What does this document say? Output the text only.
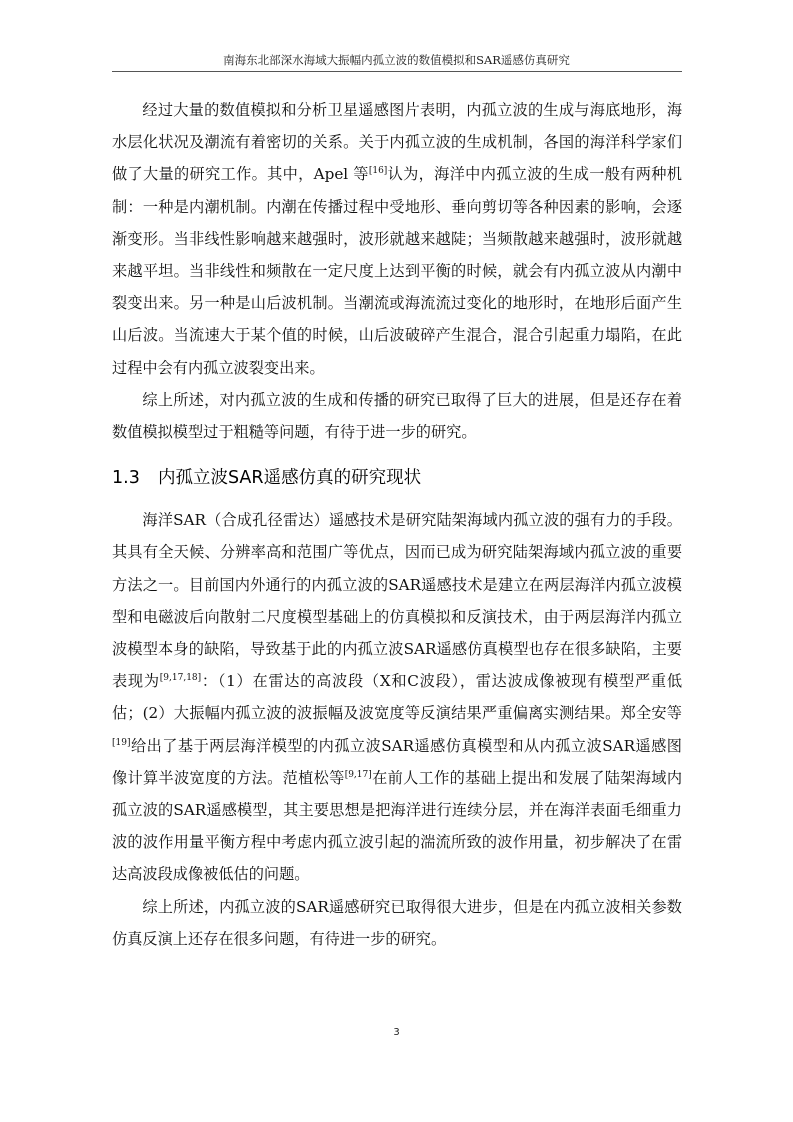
南海东北部深水海域大振幅内孤立波的数值模拟和SAR遥感仿真研究

经过大量的数值模拟和分析卫星遥感图片表明，内孤立波的生成与海底地形，海水层化状况及潮流有着密切的关系。关于内孤立波的生成机制，各国的海洋科学家们做了大量的研究工作。其中，Apel 等[16]认为，海洋中内孤立波的生成一般有两种机制：一种是内潮机制。内潮在传播过程中受地形、垂向剪切等各种因素的影响，会逐渐变形。当非线性影响越来越强时，波形就越来越陡；当频散越来越强时，波形就越来越平坦。当非线性和频散在一定尺度上达到平衡的时候，就会有内孤立波从内潮中裂变出来。另一种是山后波机制。当潮流或海流流过变化的地形时，在地形后面产生山后波。当流速大于某个值的时候，山后波破碎产生混合，混合引起重力塌陷，在此过程中会有内孤立波裂变出来。

综上所述，对内孤立波的生成和传播的研究已取得了巨大的进展，但是还存在着数值模拟模型过于粗糙等问题，有待于进一步的研究。

1.3 内孤立波SAR遥感仿真的研究现状

海洋SAR（合成孔径雷达）遥感技术是研究陆架海域内孤立波的强有力的手段。其具有全天候、分辨率高和范围广等优点，因而已成为研究陆架海域内孤立波的重要方法之一。目前国内外通行的内孤立波的SAR遥感技术是建立在两层海洋内孤立波模型和电磁波后向散射二尺度模型基础上的仿真模拟和反演技术，由于两层海洋内孤立波模型本身的缺陷，导致基于此的内孤立波SAR遥感仿真模型也存在很多缺陷，主要表现为[9,17,18]：（1）在雷达的高波段（X和C波段），雷达波成像被现有模型严重低估；(2）大振幅内孤立波的波振幅及波宽度等反演结果严重偏离实测结果。郑全安等[19]给出了基于两层海洋模型的内孤立波SAR遥感仿真模型和从内孤立波SAR遥感图像计算半波宽度的方法。范植松等[9,17]在前人工作的基础上提出和发展了陆架海域内孤立波的SAR遥感模型，其主要思想是把海洋进行连续分层，并在海洋表面毛细重力波的波作用量平衡方程中考虑内孤立波引起的湍流所致的波作用量，初步解决了在雷达高波段成像被低估的问题。

综上所述，内孤立波的SAR遥感研究已取得很大进步，但是在内孤立波相关参数仿真反演上还存在很多问题，有待进一步的研究。

3
